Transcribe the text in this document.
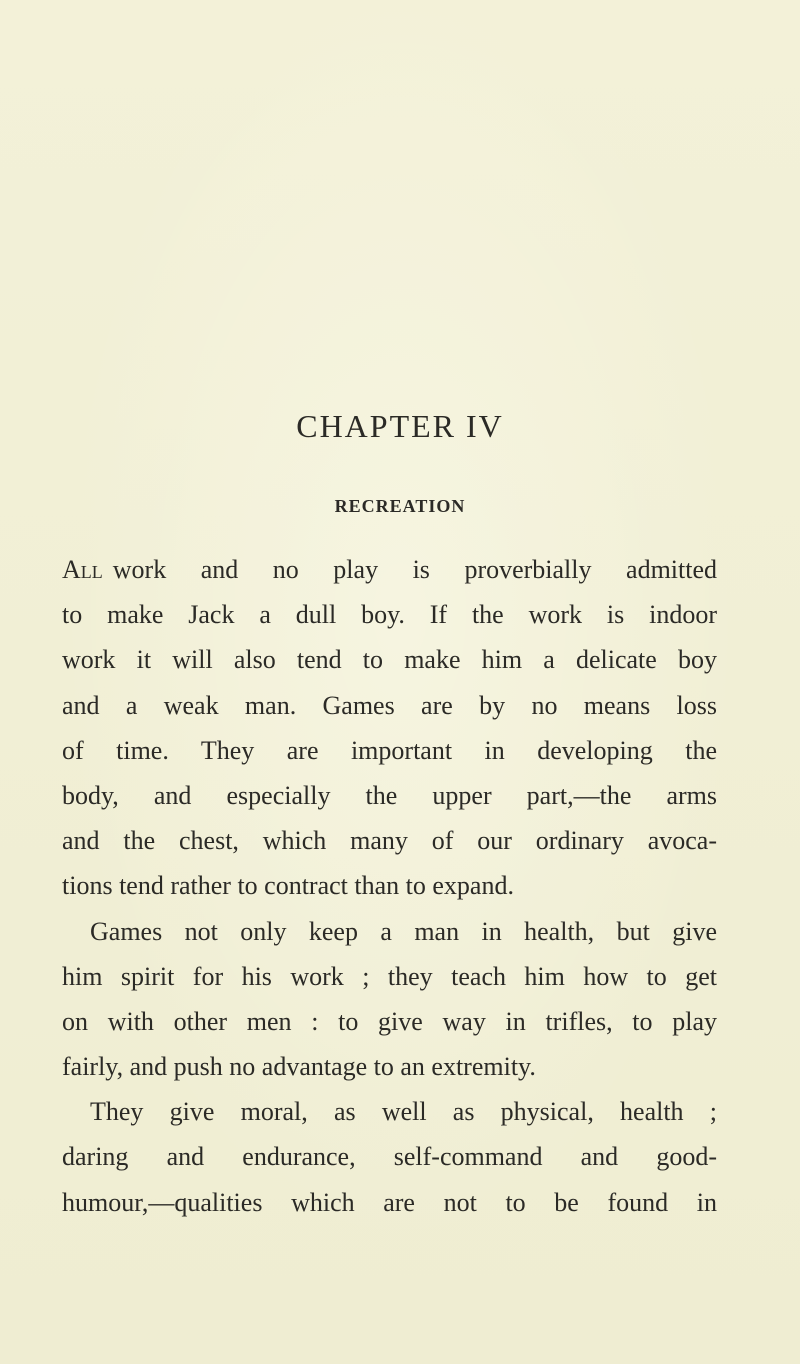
CHAPTER IV
RECREATION
All work and no play is proverbially admitted
to make Jack a dull boy. If the work is indoor
work it will also tend to make him a delicate boy
and a weak man. Games are by no means loss
of time. They are important in developing the
body, and especially the upper part,—the arms
and the chest, which many of our ordinary avoca-
tions tend rather to contract than to expand.
Games not only keep a man in health, but give
him spirit for his work ; they teach him how to get
on with other men : to give way in trifles, to play
fairly, and push no advantage to an extremity.
They give moral, as well as physical, health ;
daring and endurance, self-command and good-
humour,—qualities which are not to be found in
